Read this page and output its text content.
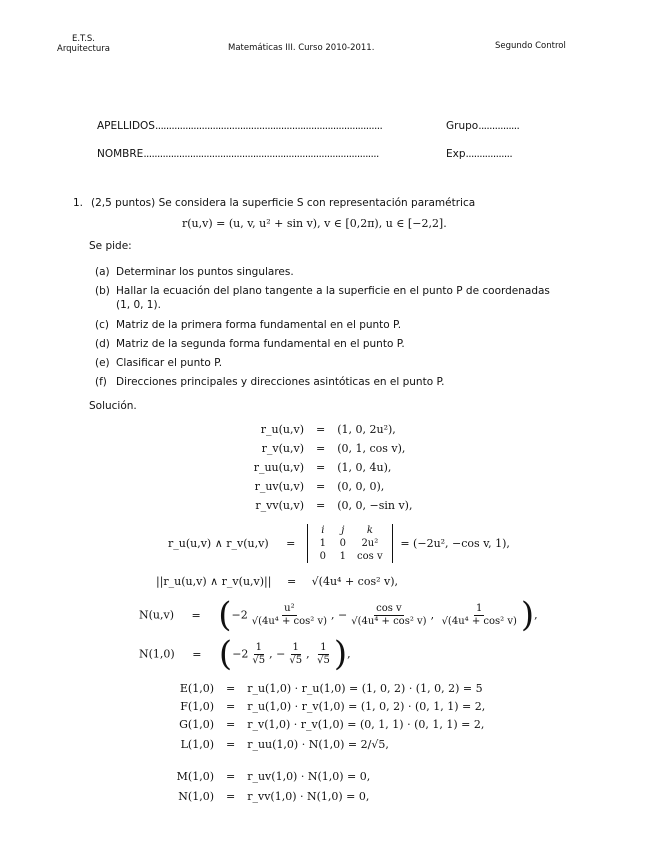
E.T.S.
Arquitectura	Matemáticas III. Curso 2010-2011.	Segundo Control
APELLIDOS...................................................................................	Grupo...............
NOMBRE......................................................................................	Exp.................
1. (2,5 puntos) Se considera la superficie S con representación paramétrica
r(u,v) = (u, v, u² + sin v), v ∈ [0,2π), u ∈ [−2,2].
Se pide:
(a) Determinar los puntos singulares.
(b) Hallar la ecuación del plano tangente a la superficie en el punto P de coordenadas
(1, 0, 1).
(c) Matriz de la primera forma fundamental en el punto P.
(d) Matriz de la segunda forma fundamental en el punto P.
(e) Clasificar el punto P.
(f) Direcciones principales y direcciones asintóticas en el punto P.
Solución.
r_u(u,v) = (1, 0, 2u²),
r_v(u,v) = (0, 1, cos v),
r_uu(u,v) = (1, 0, 4u),
r_uv(u,v) = (0, 0, 0),
r_vv(u,v) = (0, 0, −sin v),
r_u(u,v) ∧ r_v(u,v) =
i	j	k
1	0	2u²
0	1	cos v
= (−2u², −cos v, 1),
||r_u(u,v) ∧ r_v(u,v)|| = √(4u⁴ + cos² v),
$N(u,v) = (-2 \frac{\text{u²}}{\text{√(4u⁴ + cos² v)}}$ , − $\frac{\text{cos v}}{\text{√(4u⁴ + cos² v)}}$ , $\frac{1}{\text{√(4u⁴ + cos² v)}}$ ),
$N(1,0) = (-2 \frac{1}{√5}$ , − $\frac{1}{√5}$ , $\frac{1}{√5}$ ),
E(1,0) = r_u(1,0) · r_u(1,0) = (1, 0, 2) · (1, 0, 2) = 5
F(1,0) = r_u(1,0) · r_v(1,0) = (1, 0, 2) · (0, 1, 1) = 2,
G(1,0) = r_v(1,0) · r_v(1,0) = (0, 1, 1) · (0, 1, 1) = 2,
L(1,0) = r_uu(1,0) · N(1,0) = 2/√5,
M(1,0) = r_uv(1,0) · N(1,0) = 0,
N(1,0) = r_vv(1,0) · N(1,0) = 0,
